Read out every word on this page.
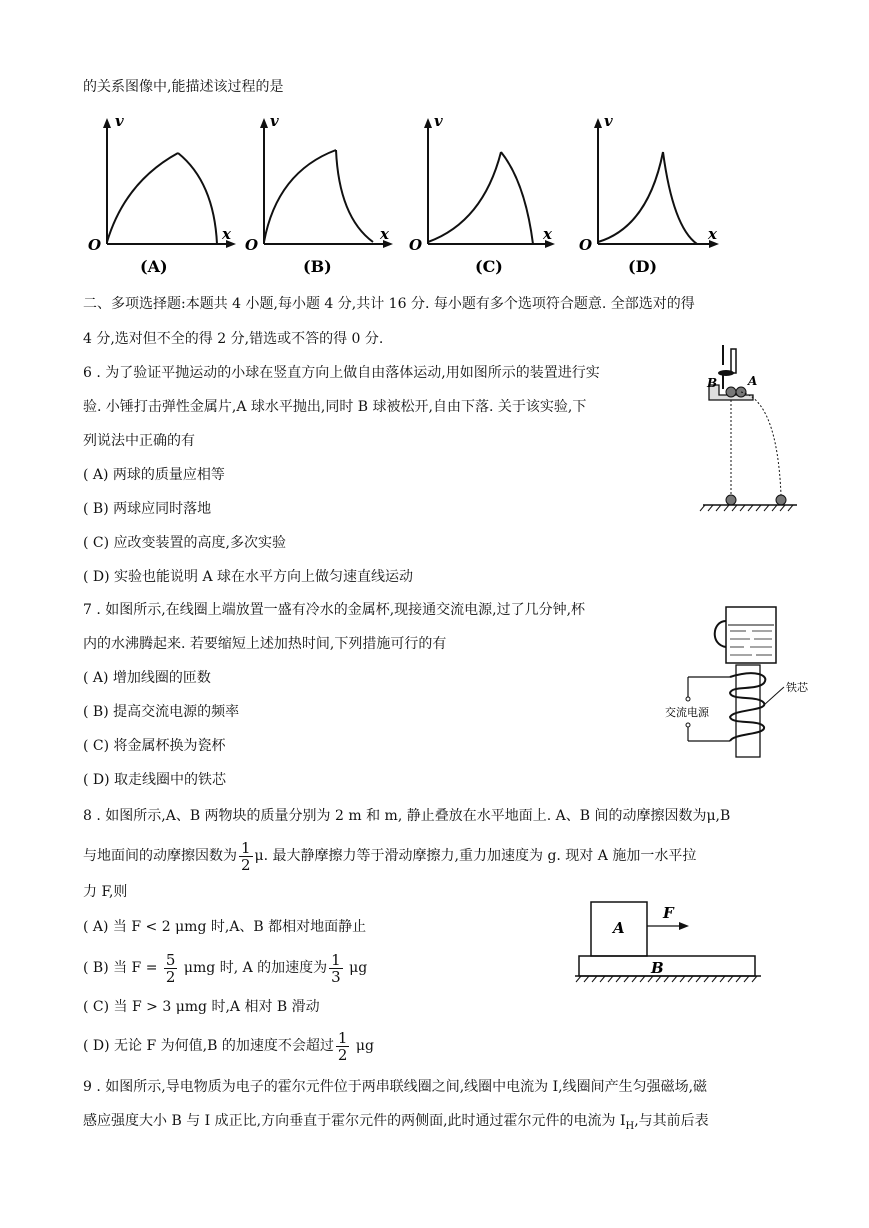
的关系图像中,能描述该过程的是
v
x
O
(A)
v
x
O
(B)
v
x
O
(C)
v
x
O
(D)
二、多项选择题:本题共 4 小题,每小题 4 分,共计 16 分. 每小题有多个选项符合题意. 全部选对的得
4 分,选对但不全的得 2 分,错选或不答的得 0 分.
6 . 为了验证平抛运动的小球在竖直方向上做自由落体运动,用如图所示的装置进行实
验. 小锤打击弹性金属片,A 球水平抛出,同时 B 球被松开,自由下落. 关于该实验,下
列说法中正确的有
( A) 两球的质量应相等
( B) 两球应同时落地
( C) 应改变装置的高度,多次实验
( D) 实验也能说明 A 球在水平方向上做匀速直线运动
B	A
7 . 如图所示,在线圈上端放置一盛有冷水的金属杯,现接通交流电源,过了几分钟,杯
内的水沸腾起来. 若要缩短上述加热时间,下列措施可行的有
( A) 增加线圈的匝数
( B) 提高交流电源的频率
( C) 将金属杯换为瓷杯
( D) 取走线圈中的铁芯
交流电源
铁芯
8 . 如图所示,A、B 两物块的质量分别为 2 m 和 m, 静止叠放在水平地面上. A、B 间的动摩擦因数为μ,B
与地面间的动摩擦因数为 $\frac{1}{2} \mu$. 最大静摩擦力等于滑动摩擦力,重力加速度为 g. 现对 A 施加一水平拉
力 F,则
( A) 当 F < 2 μmg 时,A、B 都相对地面静止
( B) 当 $F = \frac{5}{2}$ μmg 时, A 的加速度为 $\frac{1}{3}$ μg
( C) 当 F > 3 μmg 时,A 相对 B 滑动
( D) 无论 F 为何值,B 的加速度不会超过 $\frac{1}{2}$ μg
A
F
B
9 . 如图所示,导电物质为电子的霍尔元件位于两串联线圈之间,线圈中电流为 I,线圈间产生匀强磁场,磁
感应强度大小 B 与 I 成正比,方向垂直于霍尔元件的两侧面,此时通过霍尔元件的电流为 $I_H$,与其前后表
